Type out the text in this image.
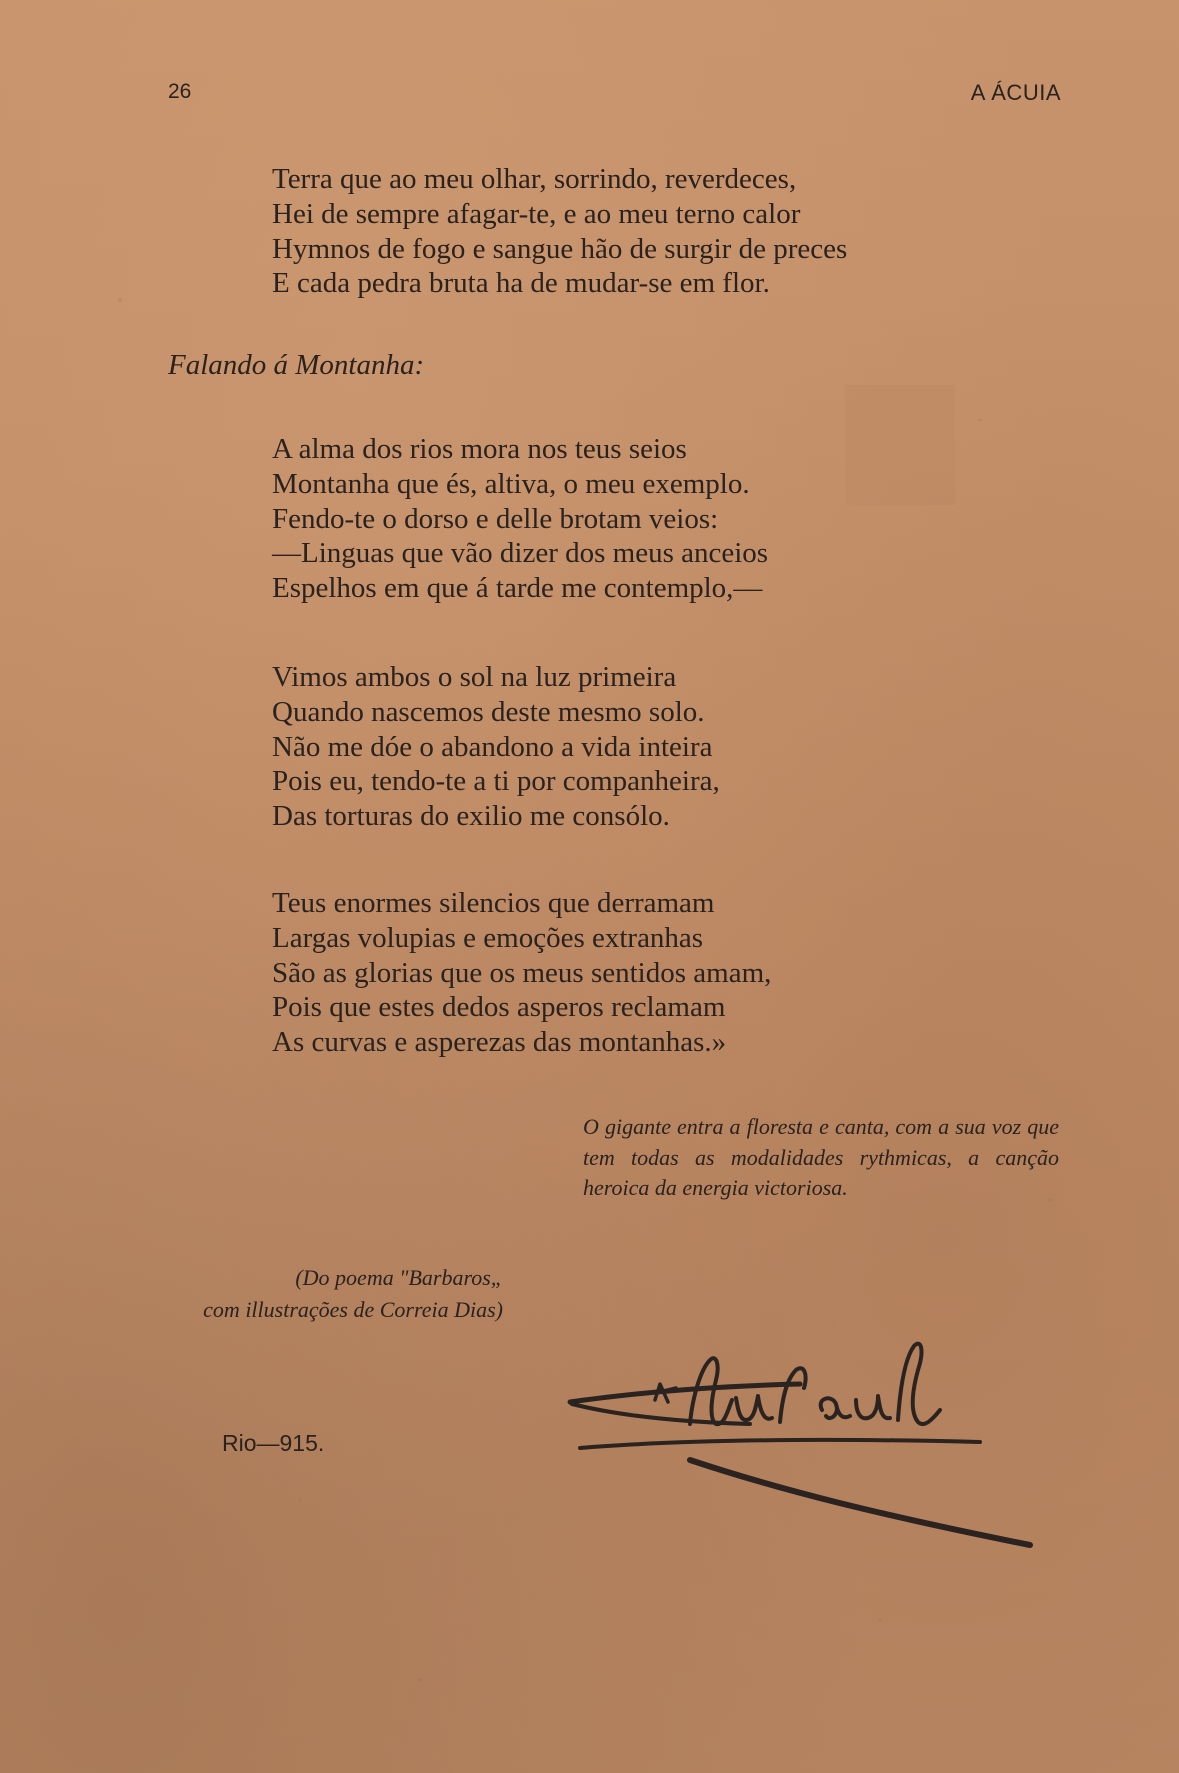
26	A ÁCUIA
Terra que ao meu olhar, sorrindo, reverdeces,
Hei de sempre afagar-te, e ao meu terno calor
Hymnos de fogo e sangue hão de surgir de preces
E cada pedra bruta ha de mudar-se em flor.
Falando á Montanha:
A alma dos rios mora nos teus seios
Montanha que és, altiva, o meu exemplo.
Fendo-te o dorso e delle brotam veios:
—Linguas que vão dizer dos meus anceios
Espelhos em que á tarde me contemplo,—
Vimos ambos o sol na luz primeira
Quando nascemos deste mesmo solo.
Não me dóe o abandono a vida inteira
Pois eu, tendo-te a ti por companheira,
Das torturas do exilio me consólo.
Teus enormes silencios que derramam
Largas volupias e emoções extranhas
São as glorias que os meus sentidos amam,
Pois que estes dedos asperos reclamam
As curvas e asperezas das montanhas.»

O gigante entra a floresta e canta, com a sua voz que tem todas as modalidades rythmicas, a canção heroica da energia victoriosa.

(Do poema "Barbaros„
com illustrações de Correia Dias)
Rio—915.
